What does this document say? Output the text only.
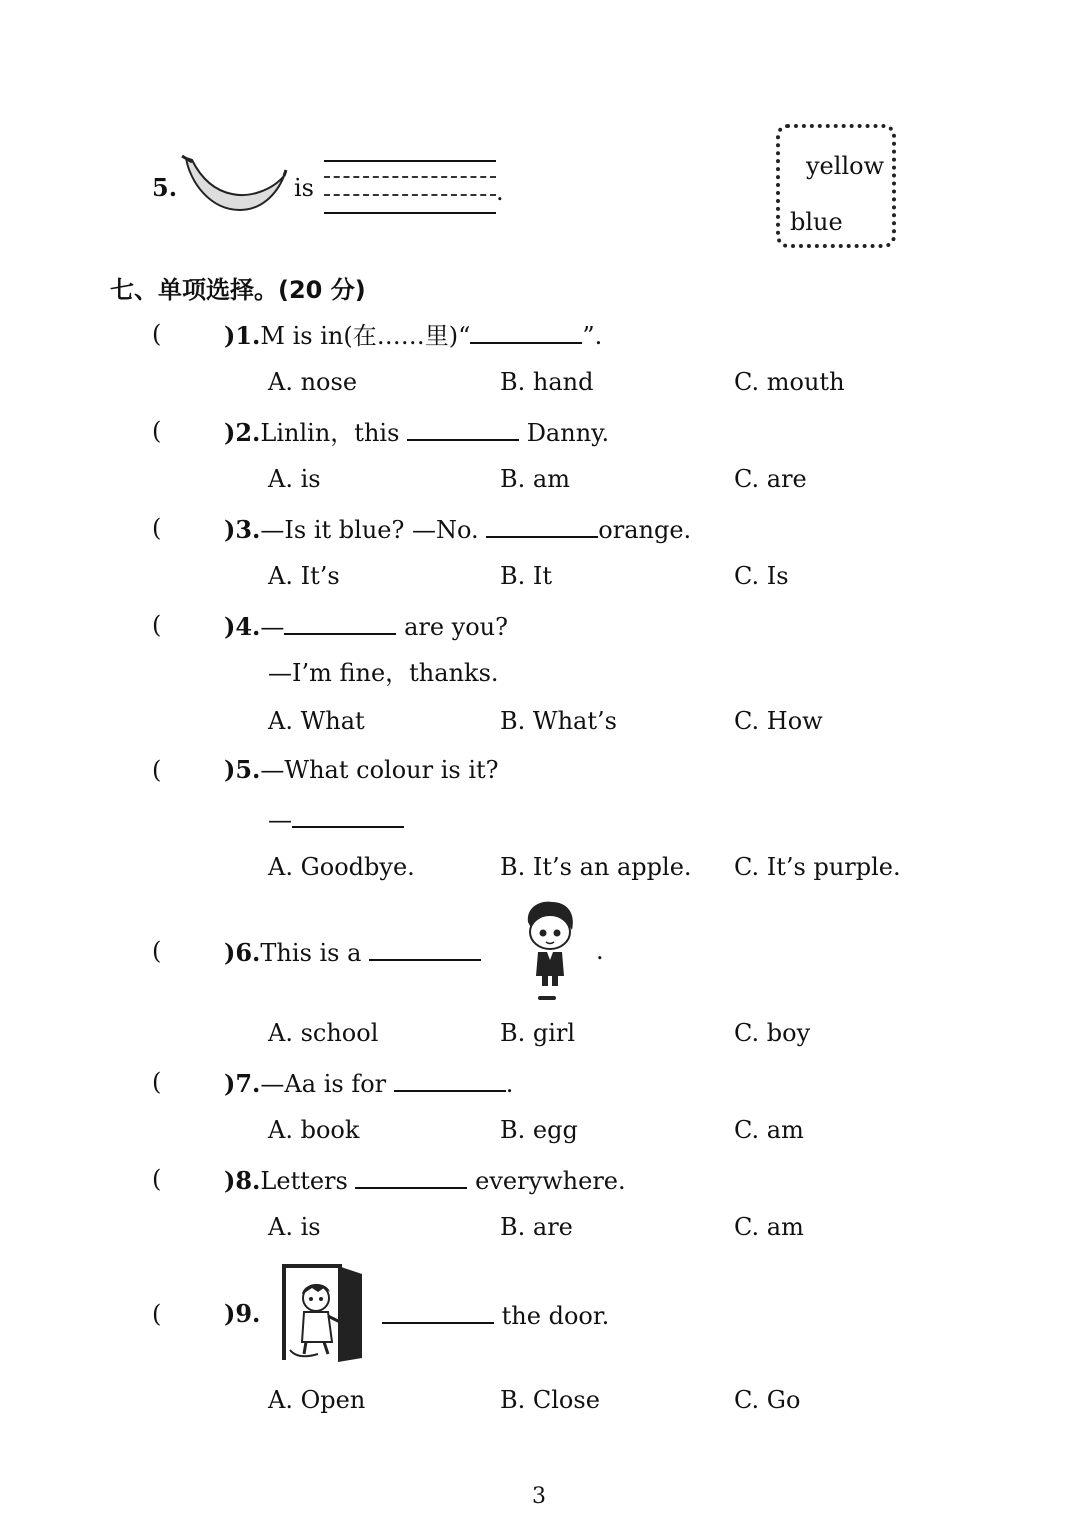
5.	is	.
yellow
blue
七、单项选择。(20 分)
(	)1.M is in(在……里)“	”.
A. nose	B. hand	C. mouth
(	)2.Linlin，this	Danny.
A. is	B. am	C. are
(	)3.—Is it blue? —No.	orange.
A. It’s	B. It	C. Is
(	)4.—	are you?
—I’m fine，thanks.
A. What	B. What’s	C. How
(	)5.—What colour is it?
—
A. Goodbye.	B. It’s an apple. C. It’s purple.
(	)6.This is a	.
A. school	B. girl	C. boy
(	)7.—Aa is for	.
A. book	B. egg	C. am
(	)8.Letters	everywhere.
A. is	B. are	C. am
(	)9.	the door.
A. Open	B. Close	C. Go
3
